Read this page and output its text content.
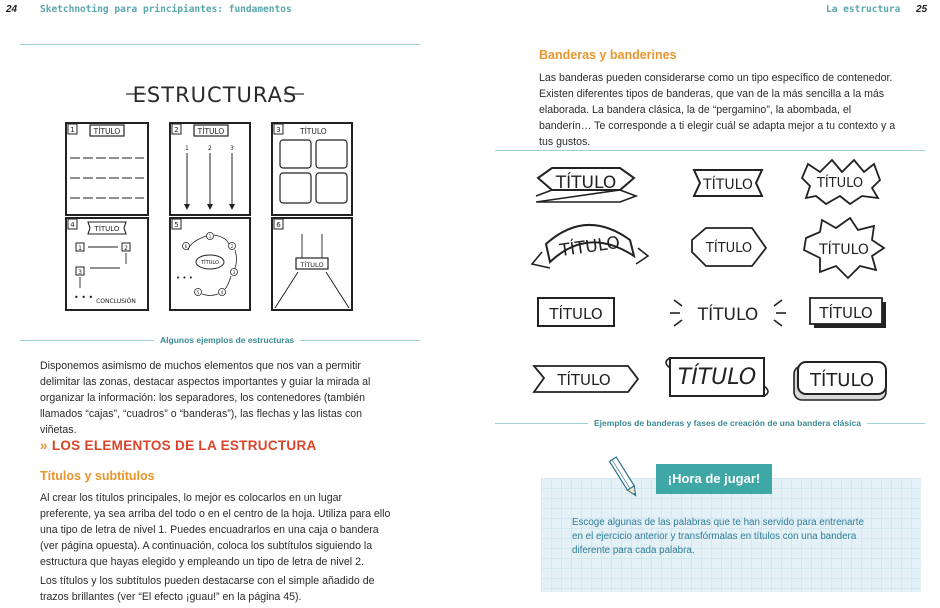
24 Sketchnoting para principiantes: fundamentos
ESTRUCTURAS
1	TÍTULO	2	TÍTULO
1	2	3
3	TÍTULO
4	TÍTULO
1	2
3
• • • CONCLUSIÓN
5
TÍTULO
1
2
3
4
5
6
• • •
6
TÍTULO
Algunos ejemplos de estructuras
Disponemos asimismo de muchos elementos que nos van a permitir delimitar las zonas, destacar aspectos importantes y guiar la mirada al organizar la información: los separadores, los contenedores (también llamados “cajas”, “cuadros” o “banderas”), las flechas y las listas con viñetas.
» LOS ELEMENTOS DE LA ESTRUCTURA
Títulos y subtítulos
Al crear los títulos principales, lo mejor es colocarlos en un lugar preferente, ya sea arriba del todo o en el centro de la hoja. Utiliza para ello una tipo de letra de nivel 1. Puedes encuadrarlos en una caja o bandera (ver página opuesta). A continuación, coloca los subtítulos siguiendo la estructura que hayas elegido y empleando un tipo de letra de nivel 2.
Los títulos y los subtítulos pueden destacarse con el simple añadido de trazos brillantes (ver “El efecto ¡guau!” en la página 45).
La estructura 25
Banderas y banderines
Las banderas pueden considerarse como un tipo específico de contenedor. Existen diferentes tipos de banderas, que van de la más sencilla a la más elaborada. La bandera clásica, la de “pergamino”, la abombada, el banderín… Te corresponde a ti elegir cuál se adapta mejor a tu contexto y a tus gustos.
TÍTULO	TÍTULO	TÍTULO
TÍTULO	TÍTULO	TÍTULO
TÍTULO	TÍTULO	TÍTULO
TÍTULO	TÍTULO	TÍTULO
Ejemplos de banderas y fases de creación de una bandera clásica
¡Hora de jugar!
Escoge algunas de las palabras que te han servido para entrenarte en el ejercicio anterior y transfórmalas en títulos con una bandera diferente para cada palabra.
